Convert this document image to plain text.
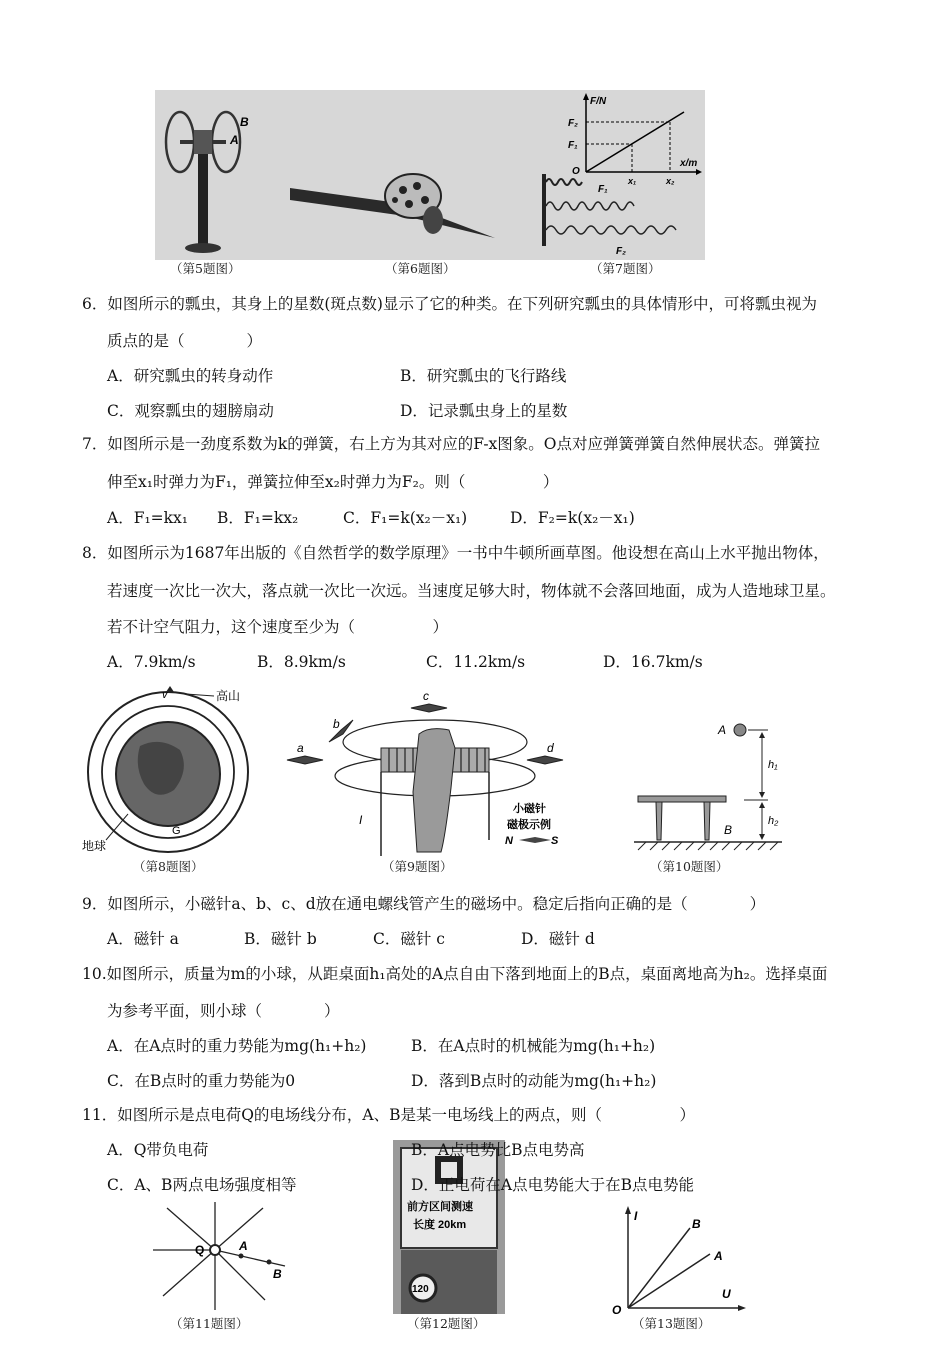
B
A
（第5题图）	（第6题图）
F/N
x/m
F₂
F₁
O
x₁	x₂
F₁
F₂
（第7题图）
6．如图所示的瓢虫，其身上的星数(斑点数)显示了它的种类。在下列研究瓢虫的具体情形中，可将瓢虫视为
质点的是（　　　　）
A．研究瓢虫的转身动作	B．研究瓢虫的飞行路线
C．观察瓢虫的翅膀扇动	D．记录瓢虫身上的星数
7．如图所示是一劲度系数为k的弹簧，右上方为其对应的F-x图象。O点对应弹簧弹簧自然伸展状态。弹簧拉
伸至x₁时弹力为F₁，弹簧拉伸至x₂时弹力为F₂。则（　　　　　）
A．F₁=kx₁ B．F₁=kx₂	C．F₁=k(x₂－x₁)	D．F₂=k(x₂－x₁)
8．如图所示为1687年出版的《自然哲学的数学原理》一书中牛顿所画草图。他设想在高山上水平抛出物体，
若速度一次比一次大，落点就一次比一次远。当速度足够大时，物体就不会落回地面，成为人造地球卫星。
若不计空气阻力，这个速度至少为（　　　　　）
A．7.9km/s	B．8.9km/s	C．11.2km/s	D．16.7km/s
v	高山
地球
G
（第8题图）
a
b
c
d
I
小磁针
磁极示例
N	S
（第9题图）
A
B
h₁
h₂
（第10题图）
9．如图所示，小磁针a、b、c、d放在通电螺线管产生的磁场中。稳定后指向正确的是（　　　　）
A．磁针 a	B．磁针 b	C．磁针 c	D．磁针 d
10.如图所示，质量为m的小球，从距桌面h₁高处的A点自由下落到地面上的B点，桌面离地高为h₂。选择桌面
为参考平面，则小球（　　　　）
A．在A点时的重力势能为mg(h₁+h₂)	B．在A点时的机械能为mg(h₁+h₂)
C．在B点时的重力势能为0	D．落到B点时的动能为mg(h₁+h₂)
11．如图所示是点电荷Q的电场线分布，A、B是某一电场线上的两点，则（　　　　　）
A．Q带负电荷
前方区间测速
长度 20km
120
B．A点电势比B点电势高
C．A、B两点电场强度相等	D．正电荷在A点电势能大于在B点电势能
Q	A
B
（第11题图）	（第12题图）
I
U
O
B
A
（第13题图）
